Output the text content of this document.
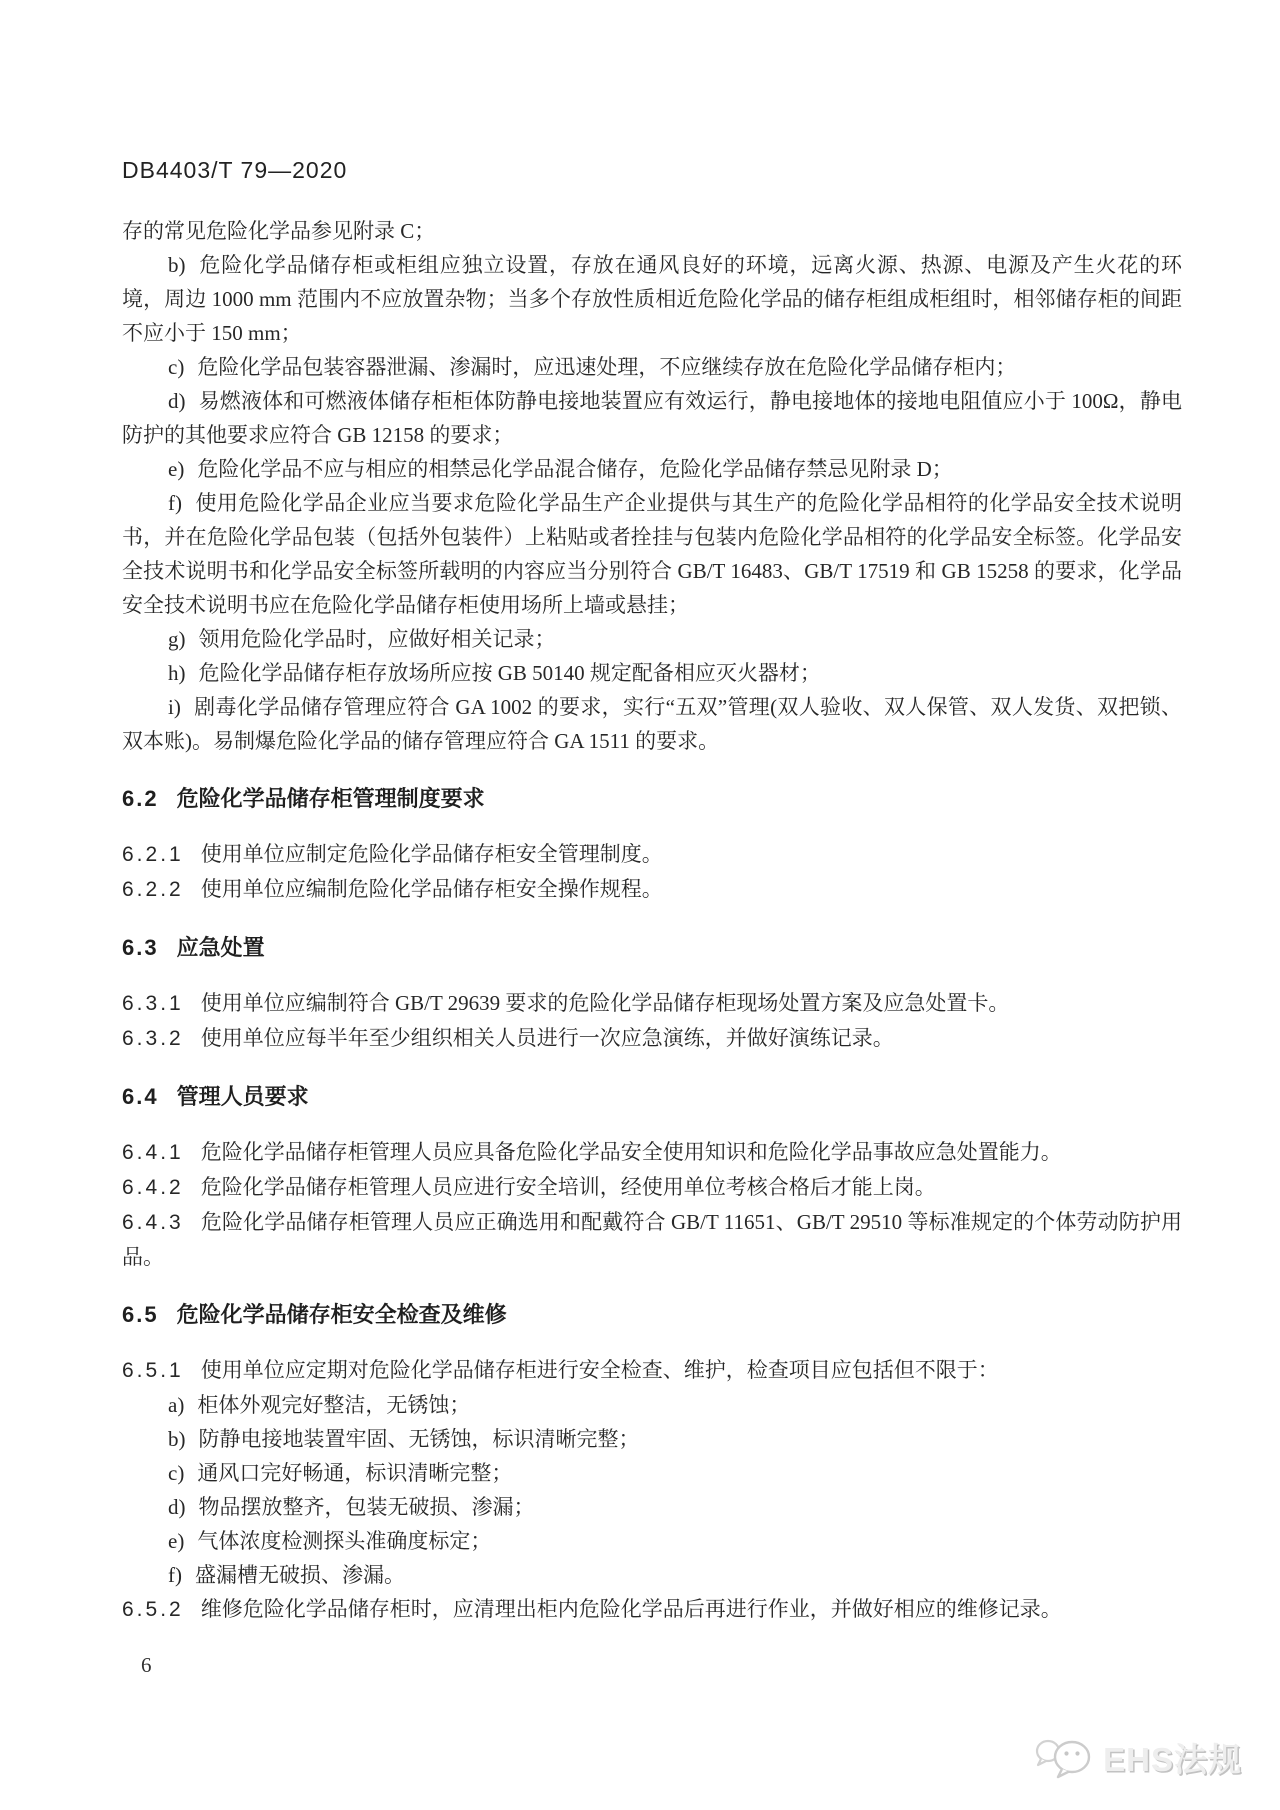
DB4403/T 79—2020

存的常见危险化学品参见附录 C；

b) 危险化学品储存柜或柜组应独立设置，存放在通风良好的环境，远离火源、热源、电源及产生火花的环境，周边 1000 mm 范围内不应放置杂物；当多个存放性质相近危险化学品的储存柜组成柜组时，相邻储存柜的间距不应小于 150 mm；

c) 危险化学品包装容器泄漏、渗漏时，应迅速处理，不应继续存放在危险化学品储存柜内；

d) 易燃液体和可燃液体储存柜柜体防静电接地装置应有效运行，静电接地体的接地电阻值应小于 100Ω，静电防护的其他要求应符合 GB 12158 的要求；

e) 危险化学品不应与相应的相禁忌化学品混合储存，危险化学品储存禁忌见附录 D；

f) 使用危险化学品企业应当要求危险化学品生产企业提供与其生产的危险化学品相符的化学品安全技术说明书，并在危险化学品包装（包括外包装件）上粘贴或者拴挂与包装内危险化学品相符的化学品安全标签。化学品安全技术说明书和化学品安全标签所载明的内容应当分别符合 GB/T 16483、GB/T 17519 和 GB 15258 的要求，化学品安全技术说明书应在危险化学品储存柜使用场所上墙或悬挂；

g) 领用危险化学品时，应做好相关记录；

h) 危险化学品储存柜存放场所应按 GB 50140 规定配备相应灭火器材；

i) 剧毒化学品储存管理应符合 GA 1002 的要求，实行“五双”管理(双人验收、双人保管、双人发货、双把锁、双本账)。易制爆危险化学品的储存管理应符合 GA 1511 的要求。

6.2 危险化学品储存柜管理制度要求

6.2.1 使用单位应制定危险化学品储存柜安全管理制度。

6.2.2 使用单位应编制危险化学品储存柜安全操作规程。

6.3 应急处置

6.3.1 使用单位应编制符合 GB/T 29639 要求的危险化学品储存柜现场处置方案及应急处置卡。

6.3.2 使用单位应每半年至少组织相关人员进行一次应急演练，并做好演练记录。

6.4 管理人员要求

6.4.1 危险化学品储存柜管理人员应具备危险化学品安全使用知识和危险化学品事故应急处置能力。

6.4.2 危险化学品储存柜管理人员应进行安全培训，经使用单位考核合格后才能上岗。

6.4.3 危险化学品储存柜管理人员应正确选用和配戴符合 GB/T 11651、GB/T 29510 等标准规定的个体劳动防护用品。

6.5 危险化学品储存柜安全检查及维修

6.5.1 使用单位应定期对危险化学品储存柜进行安全检查、维护，检查项目应包括但不限于：

a) 柜体外观完好整洁，无锈蚀；

b) 防静电接地装置牢固、无锈蚀，标识清晰完整；

c) 通风口完好畅通，标识清晰完整；

d) 物品摆放整齐，包装无破损、渗漏；

e) 气体浓度检测探头准确度标定；

f) 盛漏槽无破损、渗漏。

6.5.2 维修危险化学品储存柜时，应清理出柜内危险化学品后再进行作业，并做好相应的维修记录。

6
EHS法规
